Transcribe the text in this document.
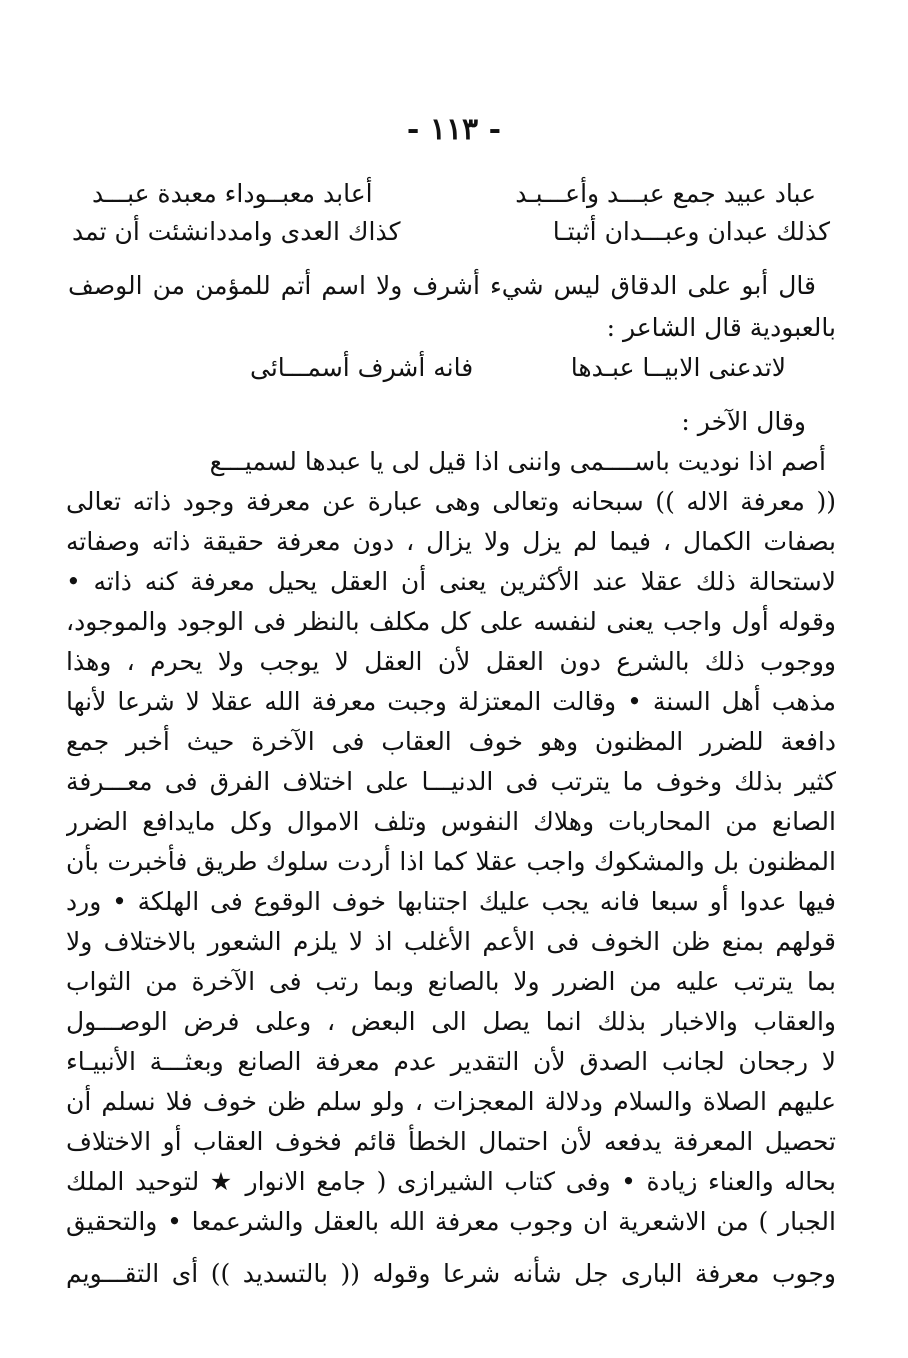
- ١١٣ -
عباد عبيد جمع عبـــد وأعـــبـد
أعابد معبــوداء معبدة عبـــد
كذلك عبدان وعبـــدان أثبتـا
كذاك العدى وامددانشئت أن تمد
قال أبو على الدقاق ليس شيء أشرف ولا اسم أتم للمؤمن من الوصف
بالعبودية قال الشاعر :
لاتدعنى الابيــا عبـدها
فانه أشرف أسمـــائى
وقال الآخر :
أصم اذا نوديت باســــمى واننى اذا قيل لى يا عبدها لسميـــع
(( معرفة الاله )) سبحانه وتعالى وهى عبارة عن معرفة وجود ذاته تعالى
بصفات الكمال ، فيما لم يزل ولا يزال ، دون معرفة حقيقة ذاته وصفاته
لاستحالة ذلك عقلا عند الأكثرين يعنى أن العقل يحيل معرفة كنه ذاته •
وقوله أول واجب يعنى لنفسه على كل مكلف بالنظر فى الوجود والموجود،
ووجوب ذلك بالشرع دون العقل لأن العقل لا يوجب ولا يحرم ، وهذا
مذهب أهل السنة • وقالت المعتزلة وجبت معرفة الله عقلا لا شرعا لأنها
دافعة للضرر المظنون وهو خوف العقاب فى الآخرة حيث أخبر جمع
كثير بذلك وخوف ما يترتب فى الدنيـــا على اختلاف الفرق فى معـــرفة
الصانع من المحاربات وهلاك النفوس وتلف الاموال وكل مايدافع الضرر
المظنون بل والمشكوك واجب عقلا كما اذا أردت سلوك طريق فأخبرت بأن
فيها عدوا أو سبعا فانه يجب عليك اجتنابها خوف الوقوع فى الهلكة • ورد
قولهم بمنع ظن الخوف فى الأعم الأغلب اذ لا يلزم الشعور بالاختلاف ولا
بما يترتب عليه من الضرر ولا بالصانع وبما رتب فى الآخرة من الثواب
والعقاب والاخبار بذلك انما يصل الى البعض ، وعلى فرض الوصـــول
لا رجحان لجانب الصدق لأن التقدير عدم معرفة الصانع وبعثـــة الأنبيـاء
عليهم الصلاة والسلام ودلالة المعجزات ، ولو سلم ظن خوف فلا نسلم أن
تحصيل المعرفة يدفعه لأن احتمال الخطأ قائم فخوف العقاب أو الاختلاف
بحاله والعناء زيادة • وفى كتاب الشيرازى ( جامع الانوار ★ لتوحيد الملك
الجبار ) من الاشعرية ان وجوب معرفة الله بالعقل والشرعمعا • والتحقيق
وجوب معرفة البارى جل شأنه شرعا وقوله (( بالتسديد )) أى التقـــويم
